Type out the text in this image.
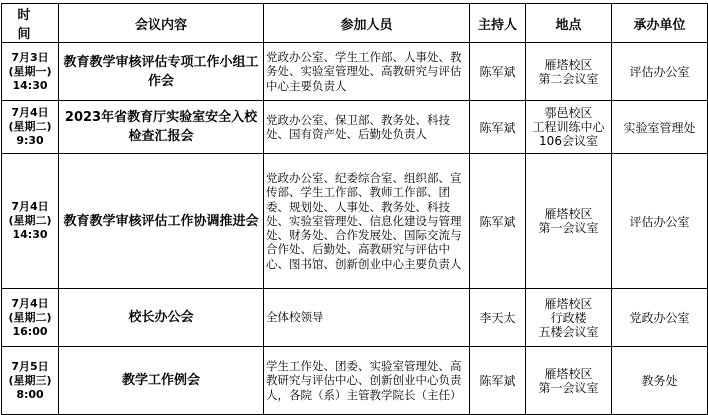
时　间	会议内容	参加人员	主持人	地点	承办单位

7月3日
(星期一)
14:30	教育教学审核评估专项工作小组工作会	党政办公室、学生工作部、人事处、教务处、实验室管理处、高教研究与评估中心主要负责人	陈军斌	雁塔校区
第二会议室	评估办公室

7月4日
(星期二)
9:30	2023年省教育厅实验室安全入校检查汇报会	党政办公室、保卫部、教务处、科技处、国有资产处、后勤处负责人	陈军斌	鄠邑校区
工程训练中心
106会议室	实验室管理处

7月4日
(星期二)
14:30	教育教学审核评估工作协调推进会	党政办公室、纪委综合室、组织部、宣传部、学生工作部、教师工作部、团委、规划处、人事处、教务处、科技处、实验室管理处、信息化建设与管理处、财务处、合作发展处、国际交流与合作处、后勤处、高教研究与评估中心、图书馆、创新创业中心主要负责人	陈军斌	雁塔校区
第一会议室	评估办公室

7月4日
(星期二)
16:00	校长办公会	全体校领导	李天太	雁塔校区
行政楼
五楼会议室	党政办公室

7月5日
(星期三)
8:00	教学工作例会	学生工作处、团委、实验室管理处、高教研究与评估中心、创新创业中心负责人，各院（系）主管教学院长（主任）	陈军斌	雁塔校区
第一会议室	教务处
